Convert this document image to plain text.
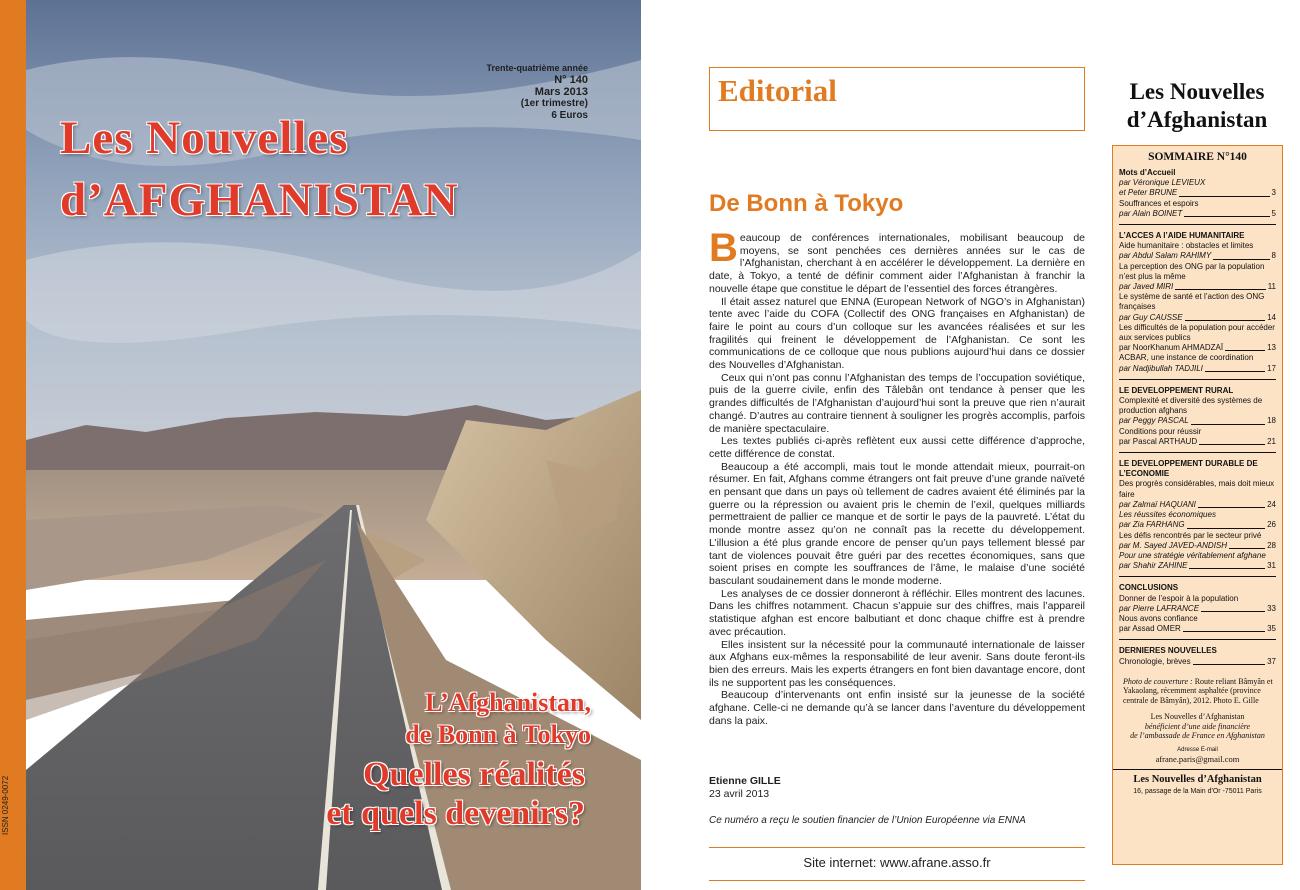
ISSN 0249-0072
Trente-quatrième année
N° 140
Mars 2013
(1er trimestre)
6 Euros
Les Nouvelles
d’AFGHANISTAN
L’Afghanistan,
de Bonn à Tokyo
Quelles réalités
et quels devenirs?
Editorial
De Bonn à Tokyo

Beaucoup de conférences internationales, mobilisant beaucoup de moyens, se sont penchées ces dernières années sur le cas de l’Afghanistan, cherchant à en accélérer le développement. La dernière en date, à Tokyo, a tenté de définir comment aider l’Afghanistan à franchir la nouvelle étape que constitue le départ de l’essentiel des forces étrangères.

Il était assez naturel que ENNA (European Network of NGO’s in Afghanistan) tente avec l’aide du COFA (Collectif des ONG françaises en Afghanistan) de faire le point au cours d’un colloque sur les avancées réalisées et sur les fragilités qui freinent le développement de l’Afghanistan. Ce sont les communications de ce colloque que nous publions aujourd’hui dans ce dossier des Nouvelles d’Afghanistan.

Ceux qui n’ont pas connu l’Afghanistan des temps de l’occupation soviétique, puis de la guerre civile, enfin des Tâlebân ont tendance à penser que les grandes difficultés de l’Afghanistan d’aujourd’hui sont la preuve que rien n’aurait changé. D’autres au contraire tiennent à souligner les progrès accomplis, parfois de manière spectaculaire.

Les textes publiés ci-après reflètent eux aussi cette différence d’approche, cette différence de constat.

Beaucoup a été accompli, mais tout le monde attendait mieux, pourrait-on résumer. En fait, Afghans comme étrangers ont fait preuve d’une grande naïveté en pensant que dans un pays où tellement de cadres avaient été éliminés par la guerre ou la répression ou avaient pris le chemin de l’exil, quelques milliards permettraient de pallier ce manque et de sortir le pays de la pauvreté. L’état du monde montre assez qu’on ne connaît pas la recette du développement. L’illusion a été plus grande encore de penser qu’un pays tellement blessé par tant de violences pouvait être guéri par des recettes économiques, sans que soient prises en compte les souffrances de l’âme, le malaise d’une société basculant soudainement dans le monde moderne.

Les analyses de ce dossier donneront à réfléchir. Elles montrent des lacunes. Dans les chiffres notamment. Chacun s’appuie sur des chiffres, mais l’appareil statistique afghan est encore balbutiant et donc chaque chiffre est à prendre avec précaution.

Elles insistent sur la nécessité pour la communauté internationale de laisser aux Afghans eux-mêmes la responsabilité de leur avenir. Sans doute feront-ils bien des erreurs. Mais les experts étrangers en font bien davantage encore, dont ils ne supportent pas les conséquences.

Beaucoup d’intervenants ont enfin insisté sur la jeunesse de la société afghane. Celle-ci ne demande qu’à se lancer dans l’aventure du développement dans la paix.

Etienne GILLE
23 avril 2013
Ce numéro a reçu le soutien financier de l’Union Européenne via ENNA
Site internet: www.afrane.asso.fr
Les Nouvelles
d’Afghanistan
SOMMAIRE N°140
Mots d’Accueil
par Véronique LEVIEUX
et Peter BRUNE	3
Souffrances et espoirs
par Alain BOINET	5
L’ACCES A l’AIDE HUMANITAIRE
Aide humanitaire : obstacles et limites
par Abdul Salam RAHIMY	8
La perception des ONG par la population n’est plus la même
par Javed MIRI	11
Le système de santé et l’action des ONG françaises
par Guy CAUSSE	14
Les difficultés de la population pour accéder aux services publics
par NoorKhanum AHMADZAÏ	13
ACBAR, une instance de coordination
par Nadjibullah TADJILI	17
LE DEVELOPPEMENT RURAL
Complexité et diversité des systèmes de production afghans
par Peggy PASCAL	18
Conditions pour réussir
par Pascal ARTHAUD	21
LE DEVELOPPEMENT DURABLE DE L’ECONOMIE
Des progrès considérables, mais doit mieux faire
par Zalmaï HAQUANI	24
Les réussites économiques
par Zia FARHANG	26
Les défis rencontrés par le secteur privé
par M. Sayed JAVED-ANDISH	28
Pour une stratégie véritablement afghane
par Shahir ZAHINE	31
CONCLUSIONS
Donner de l’espoir à la population
par Pierre LAFRANCE	33
Nous avons confiance
par Assad OMER	35
DERNIERES NOUVELLES
Chronologie, brèves	37
Photo de couverture : Route reliant Bâmyân et Yakaolang, récemment asphaltée (province centrale de Bâmyân), 2012. Photo E. Gille
Les Nouvelles d’Afghanistan
bénéficient d’une aide financière
de l’ambassade de France en Afghanistan
Adresse E-mail
afrane.paris@gmail.com
Les Nouvelles d’Afghanistan
16, passage de la Main d'Or -75011 Paris
